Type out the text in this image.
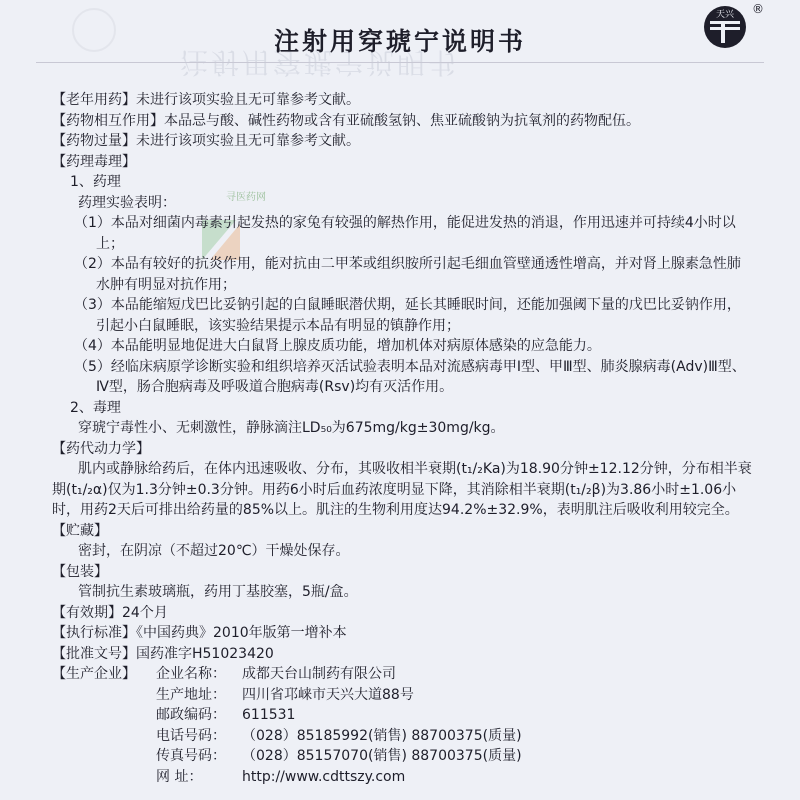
注射用穿琥宁说明书
注射用穿琥宁说明书
天兴 ®
寻医药网

【老年用药】未进行该项实验且无可靠参考文献。

【药物相互作用】本品忌与酸、碱性药物或含有亚硫酸氢钠、焦亚硫酸钠为抗氧剂的药物配伍。

【药物过量】未进行该项实验且无可靠参考文献。

【药理毒理】

1、药理

药理实验表明：

（1）本品对细菌内毒素引起发热的家兔有较强的解热作用，能促进发热的消退，作用迅速并可持续4小时以上；

（2）本品有较好的抗炎作用，能对抗由二甲苯或组织胺所引起毛细血管壁通透性增高，并对肾上腺素急性肺水肿有明显对抗作用；

（3）本品能缩短戊巴比妥钠引起的白鼠睡眠潜伏期，延长其睡眠时间，还能加强阈下量的戊巴比妥钠作用，引起小白鼠睡眠，该实验结果提示本品有明显的镇静作用；

（4）本品能明显地促进大白鼠肾上腺皮质功能，增加机体对病原体感染的应急能力。

（5）经临床病原学诊断实验和组织培养灭活试验表明本品对流感病毒甲Ⅰ型、甲Ⅲ型、肺炎腺病毒(Adv)Ⅲ型、Ⅳ型，肠合胞病毒及呼吸道合胞病毒(Rsv)均有灭活作用。

2、毒理

穿琥宁毒性小、无刺激性，静脉滴注LD₅₀为675mg/kg±30mg/kg。

【药代动力学】

肌内或静脉给药后，在体内迅速吸收、分布，其吸收相半衰期(t₁/₂Ka)为18.90分钟±12.12分钟，分布相半衰期(t₁/₂α)仅为1.3分钟±0.3分钟。用药6小时后血药浓度明显下降，其消除相半衰期(t₁/₂β)为3.86小时±1.06小时，用药2天后可排出给药量的85%以上。肌注的生物利用度达94.2%±32.9%，表明肌注后吸收利用较完全。

【贮藏】

密封，在阴凉（不超过20℃）干燥处保存。

【包装】

管制抗生素玻璃瓶，药用丁基胶塞，5瓶/盒。

【有效期】24个月

【执行标准】《中国药典》2010年版第一增补本

【批准文号】国药准字H51023420

【生产企业】	企业名称：	成都天台山制药有限公司
生产地址：	四川省邛崃市天兴大道88号
邮政编码：	611531
电话号码：	（028）85185992(销售) 88700375(质量)
传真号码：	（028）85157070(销售) 88700375(质量)
网 址：	http://www.cdttszy.com
